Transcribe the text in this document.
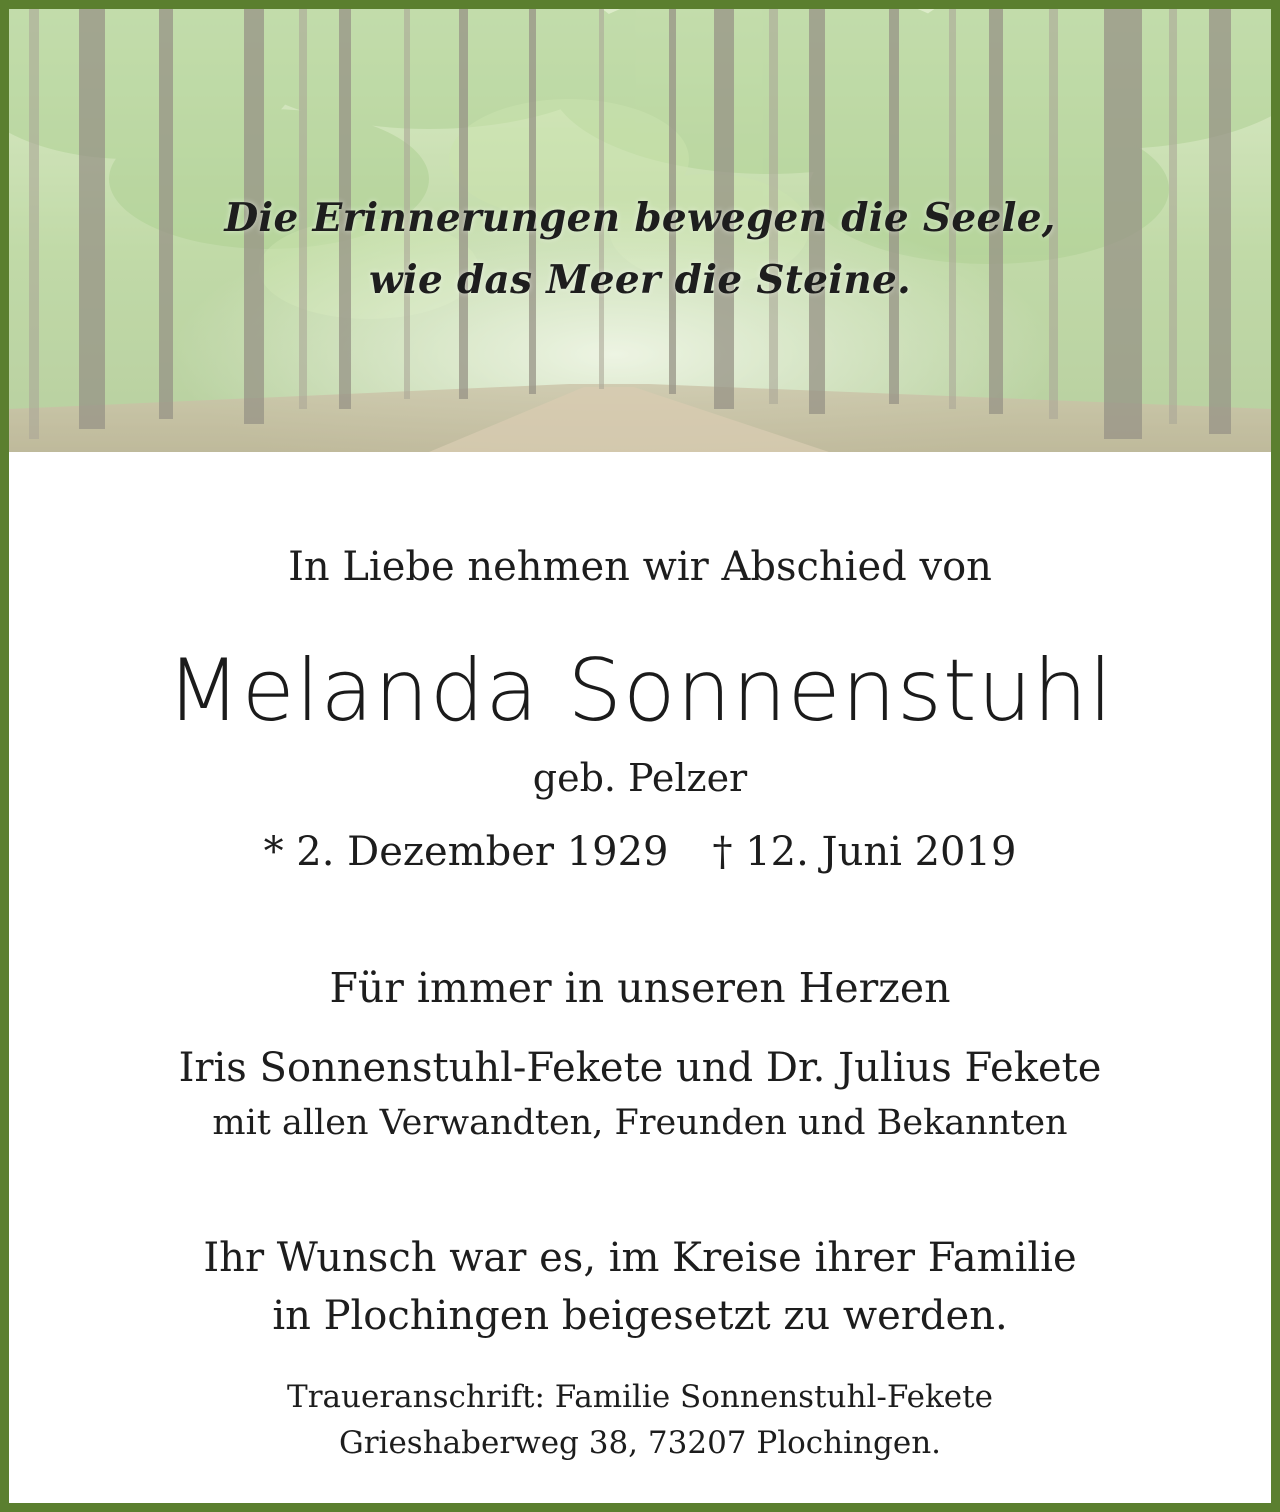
Die Erinnerungen bewegen die Seele,
wie das Meer die Steine.
In Liebe nehmen wir Abschied von
Melanda Sonnenstuhl
geb. Pelzer
* 2. Dezember 1929 † 12. Juni 2019
Für immer in unseren Herzen
Iris Sonnenstuhl-Fekete und Dr. Julius Fekete
mit allen Verwandten, Freunden und Bekannten
Ihr Wunsch war es, im Kreise ihrer Familie
in Plochingen beigesetzt zu werden.
Traueranschrift: Familie Sonnenstuhl-Fekete
Grieshaberweg 38, 73207 Plochingen.
